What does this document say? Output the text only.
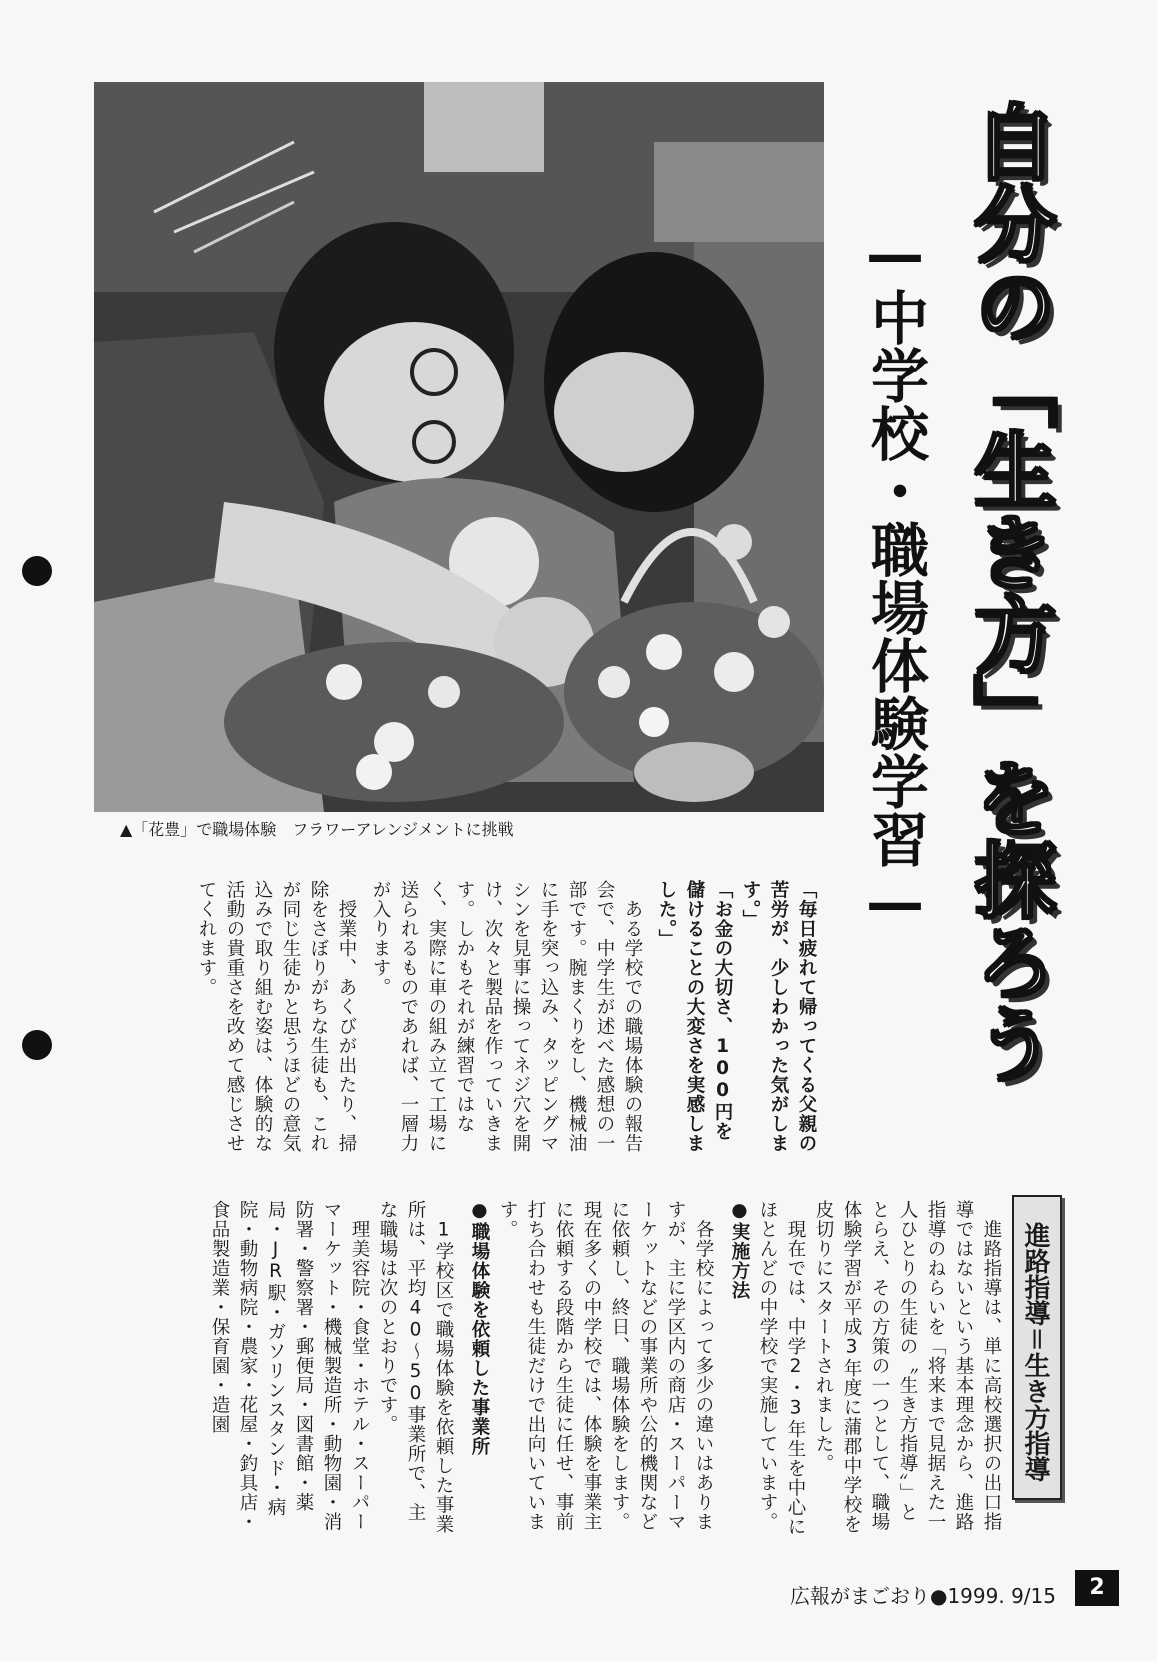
▲「花豊」で職場体験　フラワーアレンジメントに挑戦	自分の「生き方」を探ろう
—中学校・職場体験学習—

「毎日疲れて帰ってくる父親の苦労が、少しわかった気がします。」

「お金の大切さ、100円を儲けることの大変さを実感しました。」

　ある学校での職場体験の報告会で、中学生が述べた感想の一部です。腕まくりをし、機械油に手を突っ込み、タッピングマシンを見事に操ってネジ穴を開け、次々と製品を作っていきます。しかもそれが練習ではなく、実際に車の組み立て工場に送られるものであれば、一層力が入ります。

　授業中、あくびが出たり、掃除をさぼりがちな生徒も、これが同じ生徒かと思うほどの意気込みで取り組む姿は、体験的な活動の貴重さを改めて感じさせてくれます。

進路指導＝生き方指導

　進路指導は、単に高校選択の出口指導ではないという基本理念から、進路指導のねらいを「将来まで見据えた一人ひとりの生徒の〝生き方指導〟」ととらえ、その方策の一つとして、職場体験学習が平成3年度に蒲郡中学校を皮切りにスタートされました。

　現在では、中学2・3年生を中心にほとんどの中学校で実施しています。

●実施方法

　各学校によって多少の違いはありますが、主に学区内の商店・スーパーマーケットなどの事業所や公的機関などに依頼し、終日、職場体験をします。現在多くの中学校では、体験を事業主に依頼する段階から生徒に任せ、事前打ち合わせも生徒だけで出向いています。

●職場体験を依頼した事業所

　1学校区で職場体験を依頼した事業所は、平均40～50事業所で、主な職場は次のとおりです。

　理美容院・食堂・ホテル・スーパーマーケット・機械製造所・動物園・消防署・警察署・郵便局・図書館・薬局・JR駅・ガソリンスタンド・病院・動物病院・農家・花屋・釣具店・食品製造業・保育園・造園

広報がまごおり●1999. 9/15	2
